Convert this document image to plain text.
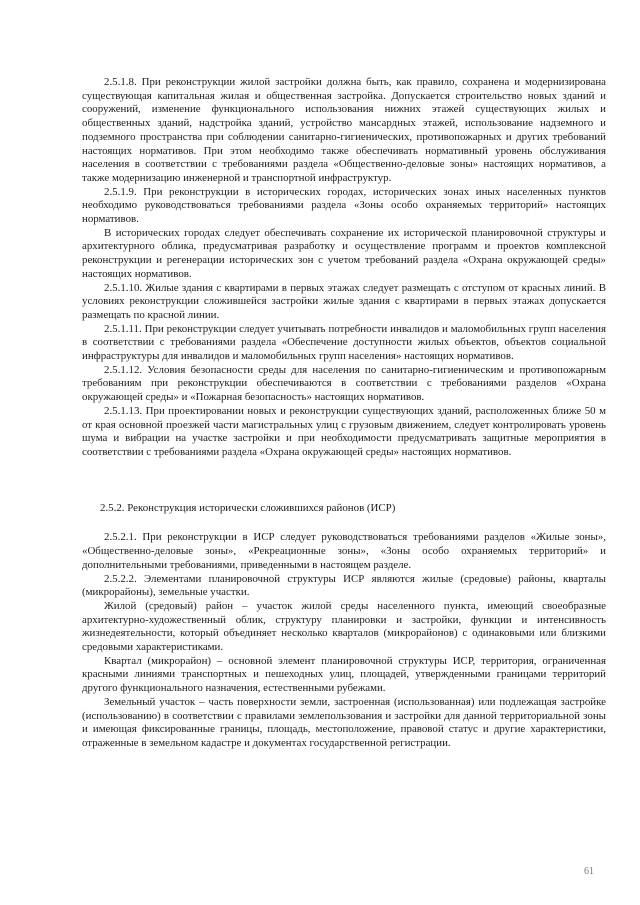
2.5.1.8. При реконструкции жилой застройки должна быть, как правило, сохранена и модернизирована существующая капитальная жилая и общественная застройка. Допускается строительство новых зданий и сооружений, изменение функционального использования нижних этажей существующих жилых и общественных зданий, надстройка зданий, устройство мансардных этажей, использование надземного и подземного пространства при соблюдении санитарно-гигиенических, противопожарных и других требований настоящих нормативов. При этом необходимо также обеспечивать нормативный уровень обслуживания населения в соответствии с требованиями раздела «Общественно-деловые зоны» настоящих нормативов, а также модернизацию инженерной и транспортной инфраструктур.

2.5.1.9. При реконструкции в исторических городах, исторических зонах иных населенных пунктов необходимо руководствоваться требованиями раздела «Зоны особо охраняемых территорий» настоящих нормативов.

В исторических городах следует обеспечивать сохранение их исторической планировочной структуры и архитектурного облика, предусматривая разработку и осуществление программ и проектов комплексной реконструкции и регенерации исторических зон с учетом требований раздела «Охрана окружающей среды» настоящих нормативов.

2.5.1.10. Жилые здания с квартирами в первых этажах следует размещать с отступом от красных линий. В условиях реконструкции сложившейся застройки жилые здания с квартирами в первых этажах допускается размещать по красной линии.

2.5.1.11. При реконструкции следует учитывать потребности инвалидов и маломобильных групп населения в соответствии с требованиями раздела «Обеспечение доступности жилых объектов, объектов социальной инфраструктуры для инвалидов и маломобильных групп населения» настоящих нормативов.

2.5.1.12. Условия безопасности среды для населения по санитарно-гигиеническим и противопожарным требованиям при реконструкции обеспечиваются в соответствии с требованиями разделов «Охрана окружающей среды» и «Пожарная безопасность» настоящих нормативов.

2.5.1.13. При проектировании новых и реконструкции существующих зданий, расположенных ближе 50 м от края основной проезжей части магистральных улиц с грузовым движением, следует контролировать уровень шума и вибрации на участке застройки и при необходимости предусматривать защитные мероприятия в соответствии с требованиями раздела «Охрана окружающей среды» настоящих нормативов.

2.5.2. Реконструкция исторически сложившихся районов (ИСР)

2.5.2.1. При реконструкции в ИСР следует руководствоваться требованиями разделов «Жилые зоны», «Общественно-деловые зоны», «Рекреационные зоны», «Зоны особо охраняемых территорий» и дополнительными требованиями, приведенными в настоящем разделе.

2.5.2.2. Элементами планировочной структуры ИСР являются жилые (средовые) районы, кварталы (микрорайоны), земельные участки.

Жилой (средовый) район – участок жилой среды населенного пункта, имеющий своеобразные архитектурно-художественный облик, структуру планировки и застройки, функции и интенсивность жизнедеятельности, который объединяет несколько кварталов (микрорайонов) с одинаковыми или близкими средовыми характеристиками.

Квартал (микрорайон) – основной элемент планировочной структуры ИСР, территория, ограниченная красными линиями транспортных и пешеходных улиц, площадей, утвержденными границами территорий другого функционального назначения, естественными рубежами.

Земельный участок – часть поверхности земли, застроенная (использованная) или подлежащая застройке (использованию) в соответствии с правилами землепользования и застройки для данной территориальной зоны и имеющая фиксированные границы, площадь, местоположение, правовой статус и другие характеристики, отраженные в земельном кадастре и документах государственной регистрации.

61
